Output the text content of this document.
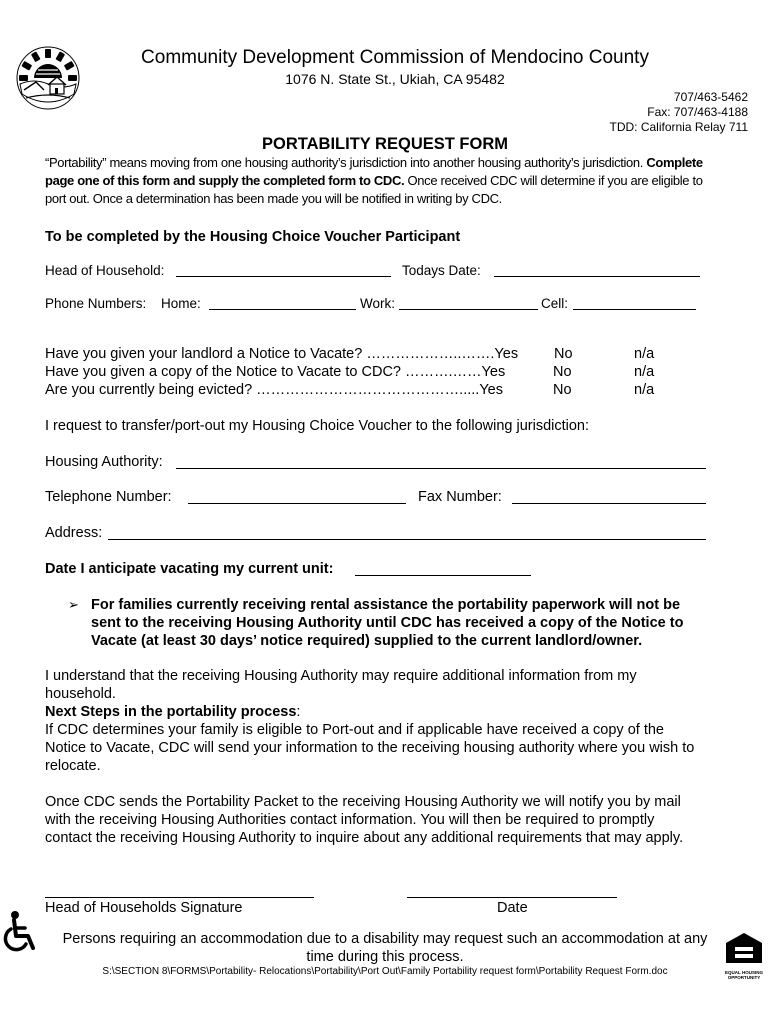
Community Development Commission of Mendocino County
1076 N. State St., Ukiah, CA 95482
707/463-5462
Fax: 707/463-4188
TDD: California Relay 711
PORTABILITY REQUEST FORM
“Portability” means moving from one housing authority’s jurisdiction into another housing authority’s jurisdiction. Complete
page one of this form and supply the completed form to CDC. Once received CDC will determine if you are eligible to
port out. Once a determination has been made you will be notified in writing by CDC.
To be completed by the Housing Choice Voucher Participant
Head of Household:	Todays Date:
Phone Numbers: Home:	Work:	Cell:
Have you given your landlord a Notice to Vacate? ………………..…….Yes No	n/a
Have you given a copy of the Notice to Vacate to CDC? ……….……Yes	No	n/a
Are you currently being evicted? …………………………………….....Yes	No	n/a
I request to transfer/port-out my Housing Choice Voucher to the following jurisdiction:
Housing Authority:
Telephone Number:	Fax Number:
Address:
Date I anticipate vacating my current unit:
➢ For families currently receiving rental assistance the portability paperwork will not be
sent to the receiving Housing Authority until CDC has received a copy of the Notice to
Vacate (at least 30 days’ notice required) supplied to the current landlord/owner.
I understand that the receiving Housing Authority may require additional information from my
household.
Next Steps in the portability process:
If CDC determines your family is eligible to Port-out and if applicable have received a copy of the
Notice to Vacate, CDC will send your information to the receiving housing authority where you wish to
relocate.
Once CDC sends the Portability Packet to the receiving Housing Authority we will notify you by mail
with the receiving Housing Authorities contact information. You will then be required to promptly
contact the receiving Housing Authority to inquire about any additional requirements that may apply.
Head of Households Signature	Date
Persons requiring an accommodation due to a disability may request such an accommodation at any
time during this process.
S:\SECTION 8\FORMS\Portability- Relocations\Portability\Port Out\Family Portability request form\Portability Request Form.doc	EQUAL HOUSING
OPPORTUNITY
